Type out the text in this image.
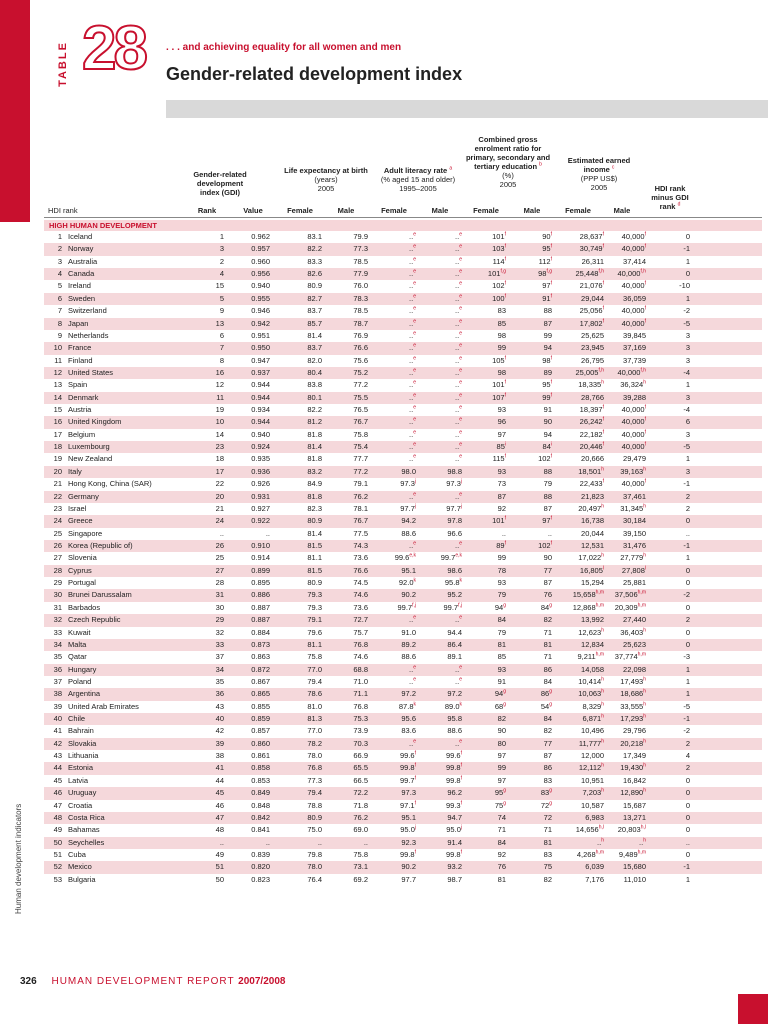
TABLE 28 . . . and achieving equality for all women and men
Gender-related development index
Gender-related development index (GDI)
Life expectancy at birth
(years)
2005
Adult literacy rate $^a$
(% aged 15 and older)
1995–2005
Combined gross enrolment ratio for primary, secondary and tertiary education $^b$
(%)
2005
Estimated earned income $^c$
(PPP US$)
2005	HDI rank minus GDI rank $^d$
HDI rank	Rank	Value	Female	Male	Female	Male	Female	Male	Female	Male
HIGH HUMAN DEVELOPMENT
1 Iceland	1	0.962	83.1	79.9	..$^e$	..$^e$	101$^f$	90$^f$	28,637$^f$	40,000$^f$	0
2 Norway	3	0.957	82.2	77.3	..$^e$	..$^e$	103$^f$	95$^f$	30,749$^f$	40,000$^f$	-1
3 Australia	2	0.960	83.3	78.5	..$^e$	..$^e$	114$^f$	112$^f$	26,311	37,414	1
4 Canada	4	0.956	82.6	77.9	..$^e$	..$^e$	101$^{f,g}$	98$^{f,g}$	25,448$^{f,h}$	40,000$^{f,h}$	0
5 Ireland	15	0.940	80.9	76.0	..$^e$	..$^e$	102$^f$	97$^f$	21,076$^f$	40,000$^f$	-10
6 Sweden	5	0.955	82.7	78.3	..$^e$	..$^e$	100$^f$	91$^f$	29,044	36,059	1
7 Switzerland	9	0.946	83.7	78.5	..$^e$	..$^e$	83	88	25,056$^f$	40,000$^f$	-2
8 Japan	13	0.942	85.7	78.7	..$^e$	..$^e$	85	87	17,802$^f$	40,000$^f$	-5
9 Netherlands	6	0.951	81.4	76.9	..$^e$	..$^e$	98	99	25,625	39,845	3
10 France	7	0.950	83.7	76.6	..$^e$	..$^e$	99	94	23,945	37,169	3
11 Finland	8	0.947	82.0	75.6	..$^e$	..$^e$	105$^f$	98$^f$	26,795	37,739	3
12 United States	16	0.937	80.4	75.2	..$^e$	..$^e$	98	89	25,005$^{f,h}$	40,000$^{f,h}$	-4
13 Spain	12	0.944	83.8	77.2	..$^e$	..$^e$	101$^f$	95$^f$	18,335$^h$	36,324$^h$	1
14 Denmark	11	0.944	80.1	75.5	..$^e$	..$^e$	107$^f$	99$^f$	28,766	39,288	3
15 Austria	19	0.934	82.2	76.5	..$^e$	..$^e$	93	91	18,397$^f$	40,000$^f$	-4
16 United Kingdom	10	0.944	81.2	76.7	..$^e$	..$^e$	96	90	26,242$^f$	40,000$^f$	6
17 Belgium	14	0.940	81.8	75.8	..$^e$	..$^e$	97	94	22,182$^f$	40,000$^f$	3
18 Luxembourg	23	0.924	81.4	75.4	..$^e$	..$^e$	85$^i$	84$^i$	20,446$^f$	40,000$^f$	-5
19 New Zealand	18	0.935	81.8	77.7	..$^e$	..$^e$	115$^f$	102$^f$	20,666	29,479	1
20 Italy	17	0.936	83.2	77.2	98.0	98.8	93	88	18,501$^h$	39,163$^h$	3
21 Hong Kong, China (SAR)	22	0.926	84.9	79.1	97.3$^j$	97.3$^j$	73	79	22,433$^f$	40,000$^f$	-1
22 Germany	20	0.931	81.8	76.2	..$^e$	..$^e$	87	88	21,823	37,461	2
23 Israel	21	0.927	82.3	78.1	97.7$^j$	97.7$^j$	92	87	20,497$^h$	31,345$^h$	2
24 Greece	24	0.922	80.9	76.7	94.2	97.8	101$^f$	97$^f$	16,738	30,184	0
25 Singapore	..	..	81.4	77.5	88.6	96.6	..	..	20,044	39,150	..
26 Korea (Republic of)	26	0.910	81.5	74.3	..$^e$	..$^e$	89$^f$	102$^f$	12,531	31,476	-1
27 Slovenia	25	0.914	81.1	73.6	99.6$^{e,k}$	99.7$^{e,k}$	99	90	17,022$^h$	27,779$^h$	1
28 Cyprus	27	0.899	81.5	76.6	95.1	98.6	78	77	16,805$^l$	27,808$^l$	0
29 Portugal	28	0.895	80.9	74.5	92.0$^k$	95.8$^k$	93	87	15,294	25,881	0
30 Brunei Darussalam	31	0.886	79.3	74.6	90.2	95.2	79	76	15,658$^{h,m}$	37,506$^{h,m}$	-2
31 Barbados	30	0.887	79.3	73.6	99.7$^{f,j}$	99.7$^{f,j}$	94$^g$	84$^g$	12,868$^{h,m}$	20,309$^{h,m}$	0
32 Czech Republic	29	0.887	79.1	72.7	..$^e$	..$^e$	84	82	13,992	27,440	2
33 Kuwait	32	0.884	79.6	75.7	91.0	94.4	79	71	12,623$^h$	36,403$^h$	0
34 Malta	33	0.873	81.1	76.8	89.2	86.4	81	81	12,834	25,623	0
35 Qatar	37	0.863	75.8	74.6	88.6	89.1	85	71	9,211$^{h,m}$	37,774$^{h,m}$	-3
36 Hungary	34	0.872	77.0	68.8	..$^e$	..$^e$	93	86	14,058	22,098	1
37 Poland	35	0.867	79.4	71.0	..$^e$	..$^e$	91	84	10,414$^h$	17,493$^h$	1
38 Argentina	36	0.865	78.6	71.1	97.2	97.2	94$^g$	86$^g$	10,063$^h$	18,686$^h$	1
39 United Arab Emirates	43	0.855	81.0	76.8	87.8$^k$	89.0$^k$	68$^g$	54$^g$	8,329$^h$	33,555$^h$	-5
40 Chile	40	0.859	81.3	75.3	95.6	95.8	82	84	6,871$^h$	17,293$^h$	-1
41 Bahrain	42	0.857	77.0	73.9	83.6	88.6	90	82	10,496	29,796	-2
42 Slovakia	39	0.860	78.2	70.3	..$^e$	..$^e$	80	77	11,777$^h$	20,218$^h$	2
43 Lithuania	38	0.861	78.0	66.9	99.6$^f$	99.6$^f$	97	87	12,000	17,349	4
44 Estonia	41	0.858	76.8	65.5	99.8$^f$	99.8$^f$	99	86	12,112$^h$	19,430$^h$	2
45 Latvia	44	0.853	77.3	66.5	99.7$^f$	99.8$^f$	97	83	10,951	16,842	0
46 Uruguay	45	0.849	79.4	72.2	97.3	96.2	95$^g$	83$^g$	7,203$^h$	12,890$^h$	0
47 Croatia	46	0.848	78.8	71.8	97.1$^f$	99.3$^f$	75$^g$	72$^g$	10,587	15,687	0
48 Costa Rica	47	0.842	80.9	76.2	95.1	94.7	74	72	6,983	13,271	0
49 Bahamas	48	0.841	75.0	69.0	95.0$^j$	95.0$^j$	71	71	14,656$^{h,l}$	20,803$^{h,l}$	0
50 Seychelles	..	..	..	..	92.3	91.4	84	81	..$^h$	..$^h$	..
51 Cuba	49	0.839	79.8	75.8	99.8$^f$	99.8$^f$	92	83	4,268$^{h,m}$	9,489$^{h,m}$	0
52 Mexico	51	0.820	78.0	73.1	90.2	93.2	76	75	6,039	15,680	-1
53 Bulgaria	50	0.823	76.4	69.2	97.7	98.7	81	82	7,176	11,010	1
Human development indicators
326 HUMAN DEVELOPMENT REPORT 2007/2008
